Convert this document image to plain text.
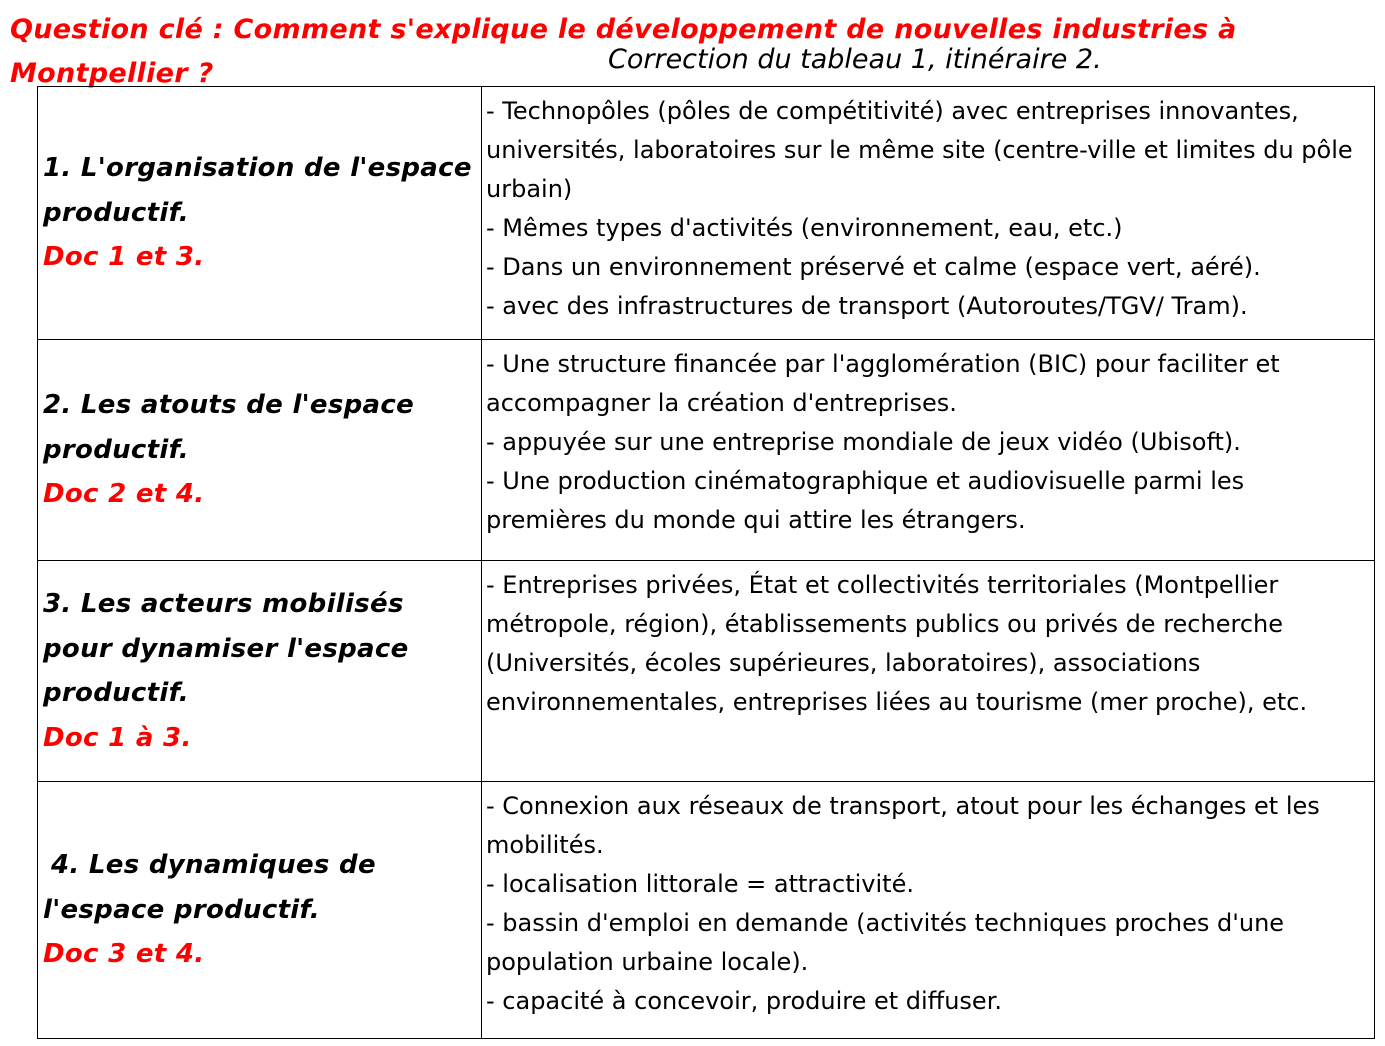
Question clé : Comment s'explique le développement de nouvelles industries à Montpellier ?	Correction du tableau 1, itinéraire 2.
1. L'organisation de l'espace productif.
Doc 1 et 3.	- Technopôles (pôles de compétitivité) avec entreprises innovantes, universités, laboratoires sur le même site (centre-ville et limites du pôle urbain)
- Mêmes types d'activités (environnement, eau, etc.)
- Dans un environnement préservé et calme (espace vert, aéré).
- avec des infrastructures de transport (Autoroutes/TGV/ Tram).

2. Les atouts de l'espace productif.
Doc 2 et 4.	- Une structure financée par l'agglomération (BIC) pour faciliter et accompagner la création d'entreprises.
- appuyée sur une entreprise mondiale de jeux vidéo (Ubisoft).
- Une production cinématographique et audiovisuelle parmi les premières du monde qui attire les étrangers.

3. Les acteurs mobilisés pour dynamiser l'espace productif.
Doc 1 à 3.	- Entreprises privées, État et collectivités territoriales (Montpellier métropole, région), établissements publics ou privés de recherche (Universités, écoles supérieures, laboratoires), associations environnementales, entreprises liées au tourisme (mer proche), etc.

4. Les dynamiques de l'espace productif.
Doc 3 et 4.	- Connexion aux réseaux de transport, atout pour les échanges et les mobilités.
- localisation littorale = attractivité.
- bassin d'emploi en demande (activités techniques proches d'une population urbaine locale).
- capacité à concevoir, produire et diffuser.
